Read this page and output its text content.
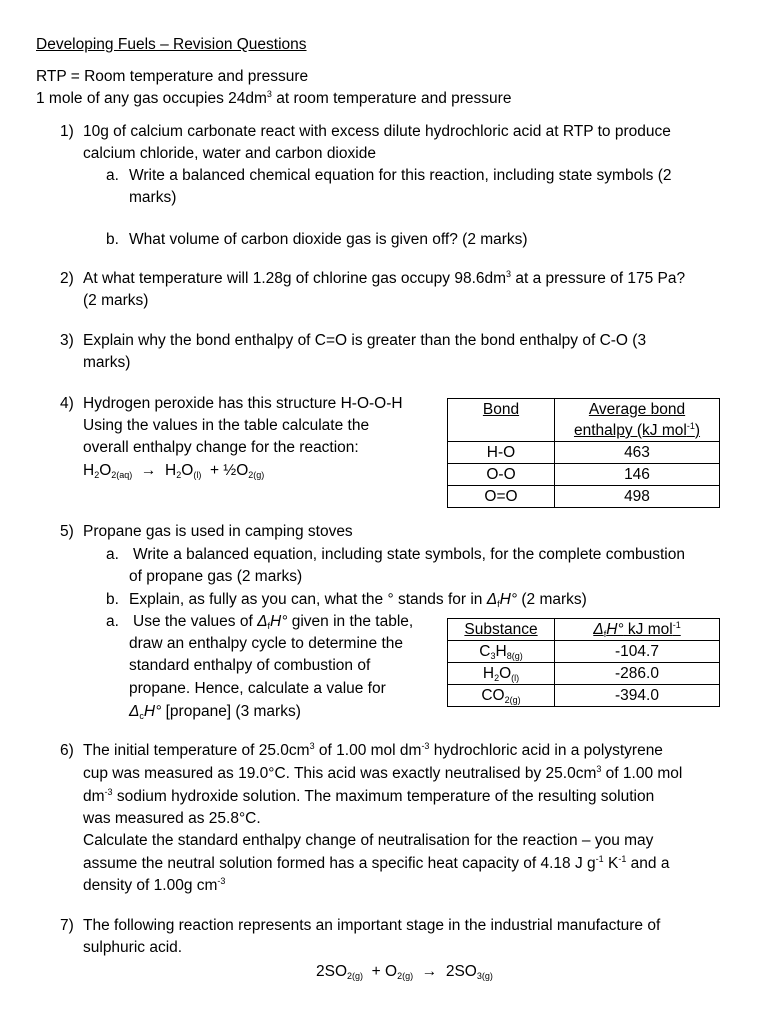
Developing Fuels – Revision Questions
RTP = Room temperature and pressure
1 mole of any gas occupies $24dm^3$ at room temperature and pressure
1) 10g of calcium carbonate react with excess dilute hydrochloric acid at RTP to produce
calcium chloride, water and carbon dioxide
a. Write a balanced chemical equation for this reaction, including state symbols (2
marks)
b. What volume of carbon dioxide gas is given off? (2 marks)
2) At what temperature will 1.28g of chlorine gas occupy $98.6dm^3$ at a pressure of 175 Pa?
(2 marks)
3) Explain why the bond enthalpy of C=O is greater than the bond enthalpy of C-O (3
marks)
4) Hydrogen peroxide has this structure H-O-O-H
Using the values in the table calculate the
overall enthalpy change for the reaction:
$H_2O_{2(aq)} \to H_2O_{(l)}$ + $\frac{1}{2}O_{2(g)}$
Bond	Average bond
enthalpy (kJ mol$^{-1}$)
H-O	463
O-O	146
O=O	498
5) Propane gas is used in camping stoves
a. Write a balanced equation, including state symbols, for the complete combustion
of propane gas (2 marks)
b. Explain, as fully as you can, what the ° stands for in $\Delta_fH^\circ$ (2 marks)
a. Use the values of $\Delta_fH^\circ$ given in the table,
draw an enthalpy cycle to determine the
standard enthalpy of combustion of
propane. Hence, calculate a value for
$\Delta_cH^\circ$ [propane] (3 marks)
Substance	$\Delta_fH^\circ$ kJ mol$^{-1}$
$C_3H_{8(g)}$	-104.7
$H_2O_{(l)}$	-286.0
$CO_{2(g)}$	-394.0
6) The initial temperature of $25.0cm^3$ of 1.00 mol $dm^{-3}$ hydrochloric acid in a polystyrene
cup was measured as 19.0°C. This acid was exactly neutralised by $25.0cm^3$ of 1.00 mol
$dm^{-3}$ sodium hydroxide solution. The maximum temperature of the resulting solution
was measured as 25.8°C.
Calculate the standard enthalpy change of neutralisation for the reaction – you may
assume the neutral solution formed has a specific heat capacity of 4.18 J $g^{-1}$ $K^{-1}$ and a
density of 1.00g $cm^{-3}$
7) The following reaction represents an important stage in the industrial manufacture of
sulphuric acid.
$2SO_{2(g)} + O_{2(g)} \to 2SO_{3(g)}$
